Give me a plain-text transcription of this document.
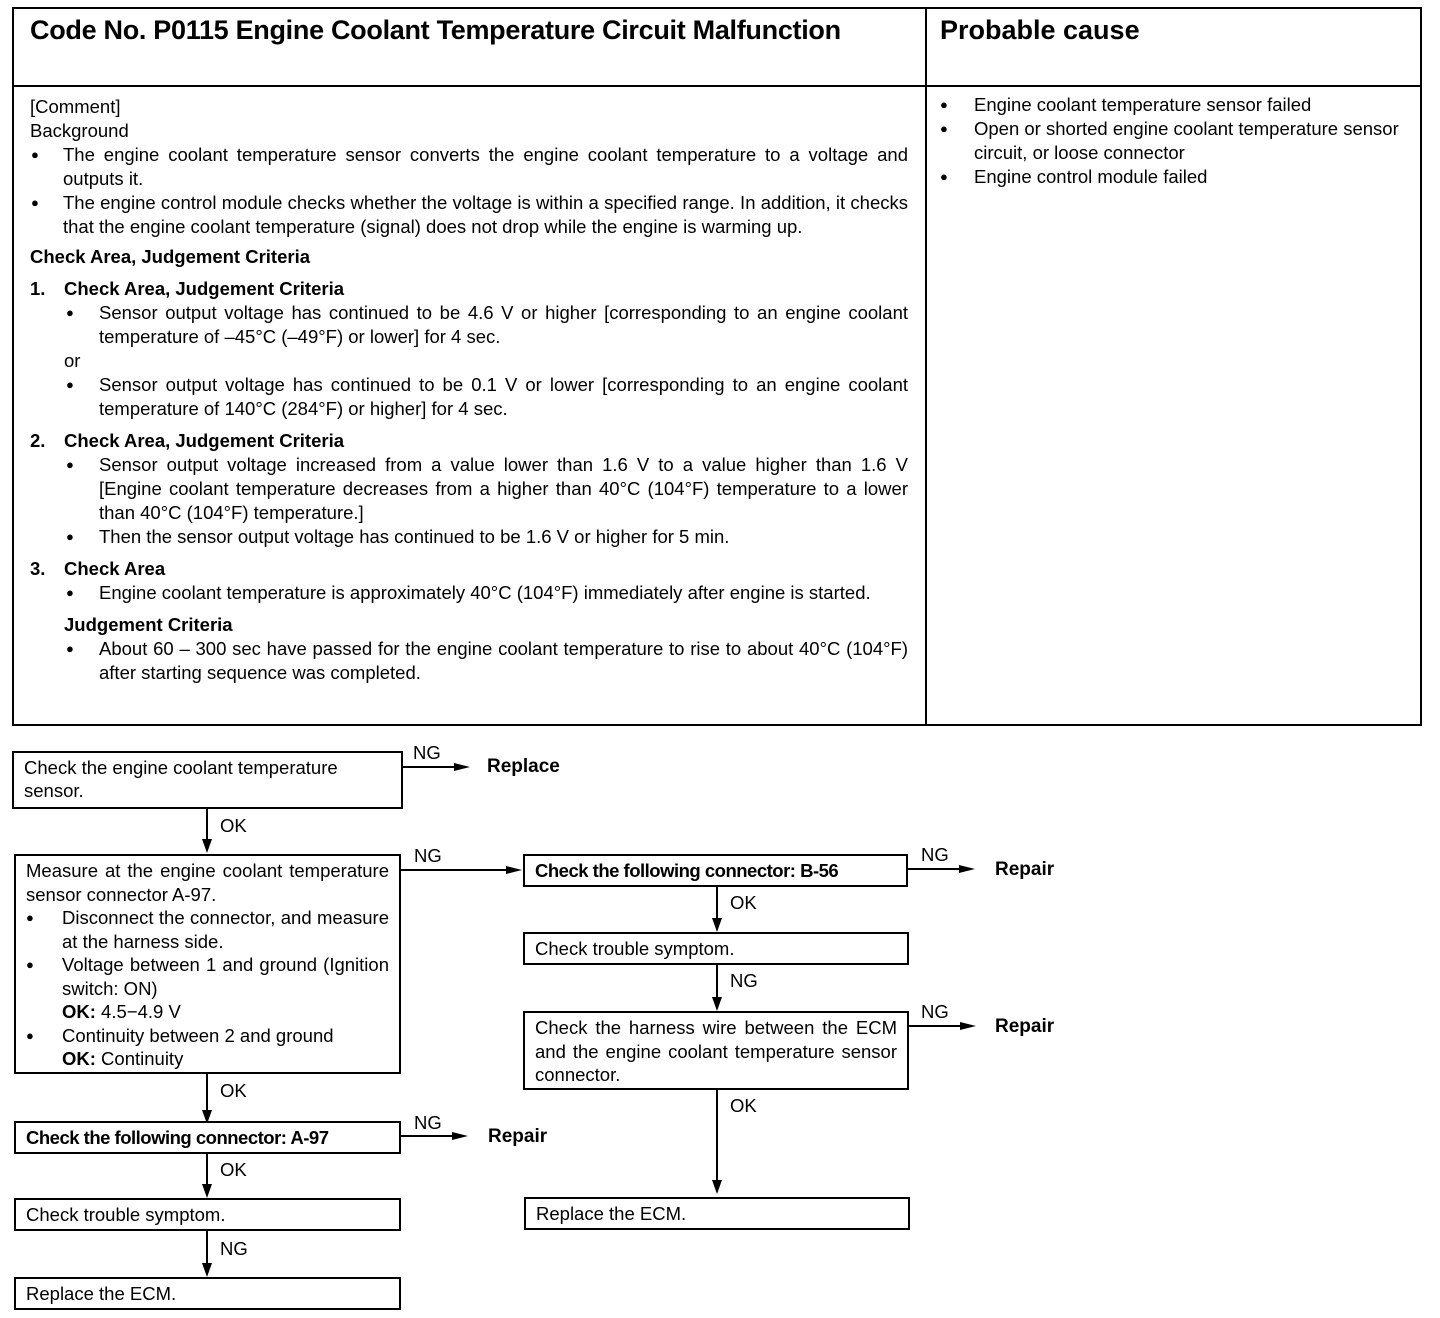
Code No. P0115 Engine Coolant Temperature Circuit Malfunction	Probable cause
[Comment]
Background
● The engine coolant temperature sensor converts the engine coolant temperature to a voltage and outputs it.
● The engine control module checks whether the voltage is within a specified range. In addition, it checks that the engine coolant temperature (signal) does not drop while the engine is warming up.
Check Area, Judgement Criteria
1. Check Area, Judgement Criteria
● Sensor output voltage has continued to be 4.6 V or higher [corresponding to an engine coolant temperature of –45°C (–49°F) or lower] for 4 sec.
or
● Sensor output voltage has continued to be 0.1 V or lower [corresponding to an engine coolant temperature of 140°C (284°F) or higher] for 4 sec.
2. Check Area, Judgement Criteria
● Sensor output voltage increased from a value lower than 1.6 V to a value higher than 1.6 V [Engine coolant temperature decreases from a higher than 40°C (104°F) temperature to a lower than 40°C (104°F) temperature.]
● Then the sensor output voltage has continued to be 1.6 V or higher for 5 min.
3. Check Area
● Engine coolant temperature is approximately 40°C (104°F) immediately after engine is started.
Judgement Criteria
● About 60 – 300 sec have passed for the engine coolant temperature to rise to about 40°C (104°F) after starting sequence was completed.
● Engine coolant temperature sensor failed
● Open or shorted engine coolant temperature sensor circuit, or loose connector
● Engine control module failed
Check the engine coolant temperature sensor.
NG
Replace
OK
Measure at the engine coolant temperature sensor connector A-97.
● Disconnect the connector, and measure at the harness side.
● Voltage between 1 and ground (Ignition switch: ON)
OK: 4.5−4.9 V
● Continuity between 2 and ground
OK: Continuity
NG
OK
Check the following connector: A-97
NG
Repair
OK
Check trouble symptom.
NG
Replace the ECM.
Check the following connector: B-56
NG
Repair
OK
Check trouble symptom.
NG
Check the harness wire between the ECM and the engine coolant temperature sensor connector.
NG
Repair
OK
Replace the ECM.
